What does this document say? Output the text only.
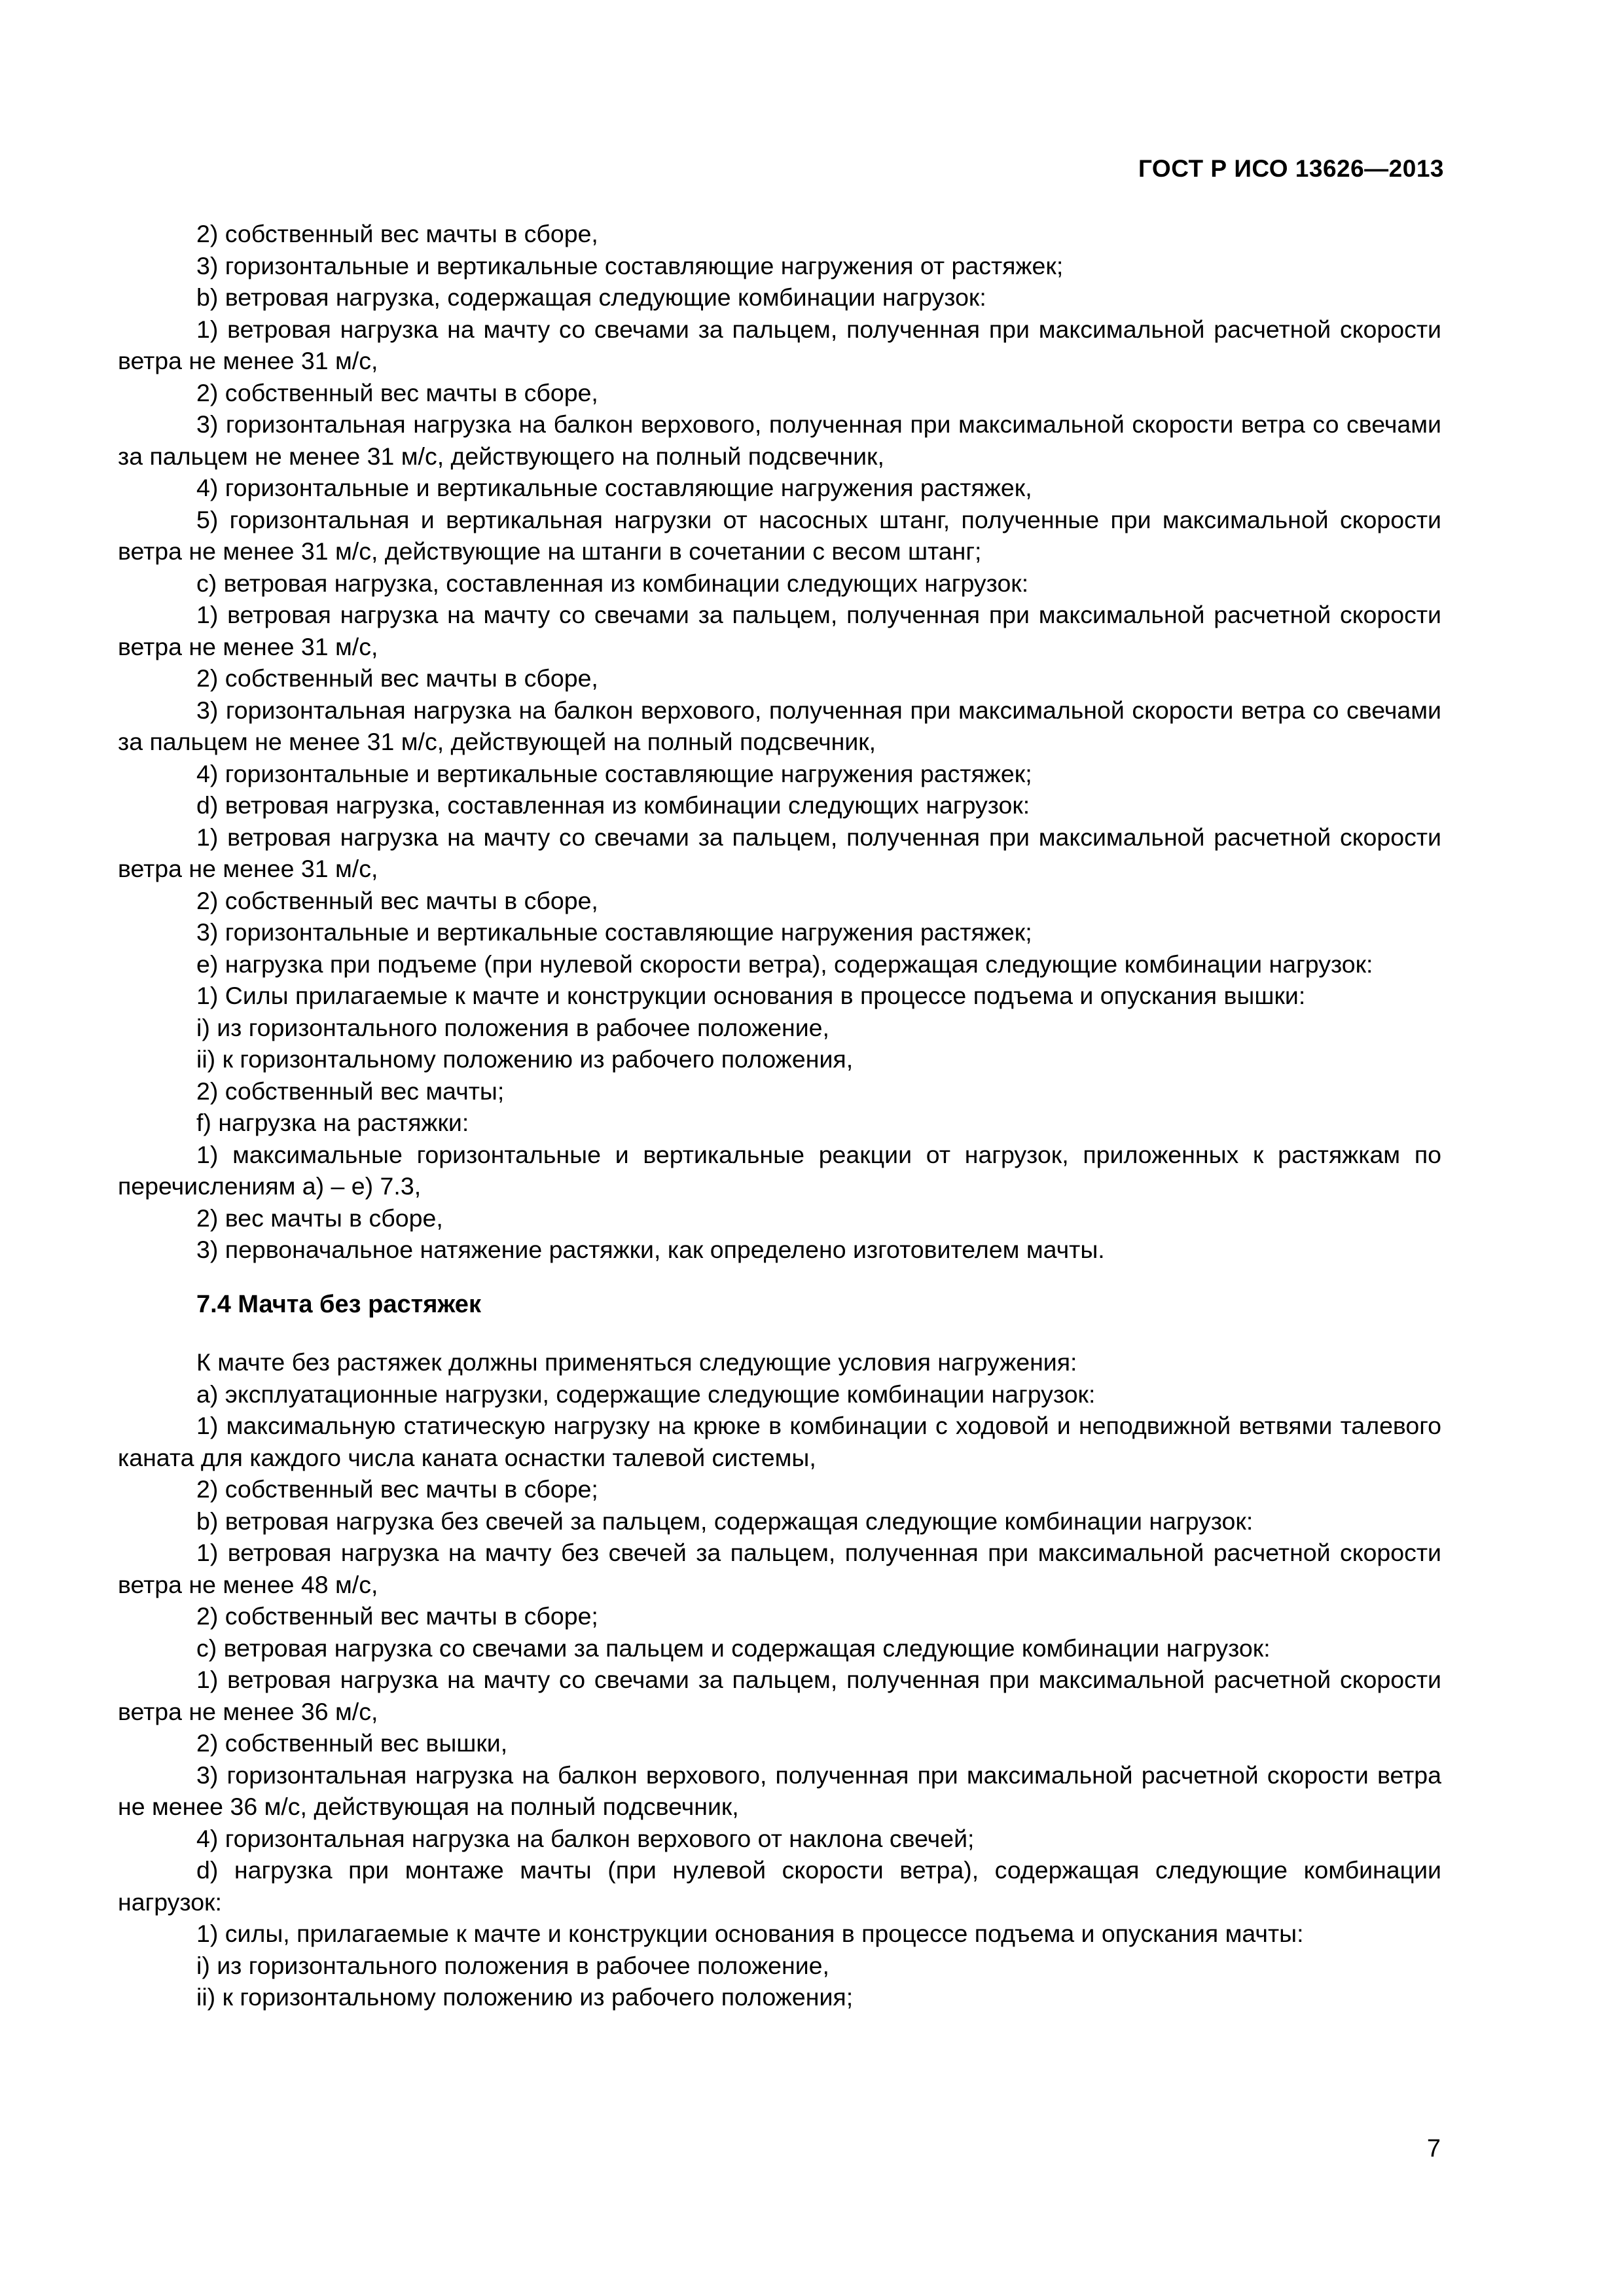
ГОСТ Р ИСО 13626—2013

2) собственный вес мачты в сборе,

3) горизонтальные и вертикальные составляющие нагружения от растяжек;

b) ветровая нагрузка, содержащая следующие комбинации нагрузок:

1) ветровая нагрузка на мачту со свечами за пальцем, полученная при максимальной расчетной скорости ветра не менее 31 м/с,

2) собственный вес мачты в сборе,

3) горизонтальная нагрузка на балкон верхового, полученная при максимальной скорости ветра со свечами за пальцем не менее 31 м/с, действующего на полный подсвечник,

4) горизонтальные и вертикальные составляющие нагружения растяжек,

5) горизонтальная и вертикальная нагрузки от насосных штанг, полученные при максимальной скорости ветра не менее 31 м/с, действующие на штанги в сочетании с весом штанг;

c) ветровая нагрузка, составленная из комбинации следующих нагрузок:

1) ветровая нагрузка на мачту со свечами за пальцем, полученная при максимальной расчетной скорости ветра не менее 31 м/с,

2) собственный вес мачты в сборе,

3) горизонтальная нагрузка на балкон верхового, полученная при максимальной скорости ветра со свечами за пальцем не менее 31 м/с, действующей на полный подсвечник,

4) горизонтальные и вертикальные составляющие нагружения растяжек;

d) ветровая нагрузка, составленная из комбинации следующих нагрузок:

1) ветровая нагрузка на мачту со свечами за пальцем, полученная при максимальной расчетной скорости ветра не менее 31 м/с,

2) собственный вес мачты в сборе,

3) горизонтальные и вертикальные составляющие нагружения растяжек;

e) нагрузка при подъеме (при нулевой скорости ветра), содержащая следующие комбинации нагрузок:

1) Силы прилагаемые к мачте и конструкции основания в процессе подъема и опускания вышки:

i) из горизонтального положения в рабочее положение,

ii) к горизонтальному положению из рабочего положения,

2) собственный вес мачты;

f) нагрузка на растяжки:

1) максимальные горизонтальные и вертикальные реакции от нагрузок, приложенных к растяжкам по перечислениям а) – е) 7.3,

2) вес мачты в сборе,

3) первоначальное натяжение растяжки, как определено изготовителем мачты.

7.4 Мачта без растяжек

К мачте без растяжек должны применяться следующие условия нагружения:

a) эксплуатационные нагрузки, содержащие следующие комбинации нагрузок:

1) максимальную статическую нагрузку на крюке в комбинации с ходовой и неподвижной ветвями талевого каната для каждого числа каната оснастки талевой системы,

2) собственный вес мачты в сборе;

b) ветровая нагрузка без свечей за пальцем, содержащая следующие комбинации нагрузок:

1) ветровая нагрузка на мачту без свечей за пальцем, полученная при максимальной расчетной скорости ветра не менее 48 м/с,

2) собственный вес мачты в сборе;

c) ветровая нагрузка со свечами за пальцем и содержащая следующие комбинации нагрузок:

1) ветровая нагрузка на мачту со свечами за пальцем, полученная при максимальной расчетной скорости ветра не менее 36 м/с,

2) собственный вес вышки,

3) горизонтальная нагрузка на балкон верхового, полученная при максимальной расчетной скорости ветра не менее 36 м/с, действующая на полный подсвечник,

4) горизонтальная нагрузка на балкон верхового от наклона свечей;

d) нагрузка при монтаже мачты (при нулевой скорости ветра), содержащая следующие комбинации нагрузок:

1) силы, прилагаемые к мачте и конструкции основания в процессе подъема и опускания мачты:

i) из горизонтального положения в рабочее положение,

ii) к горизонтальному положению из рабочего положения;

7
